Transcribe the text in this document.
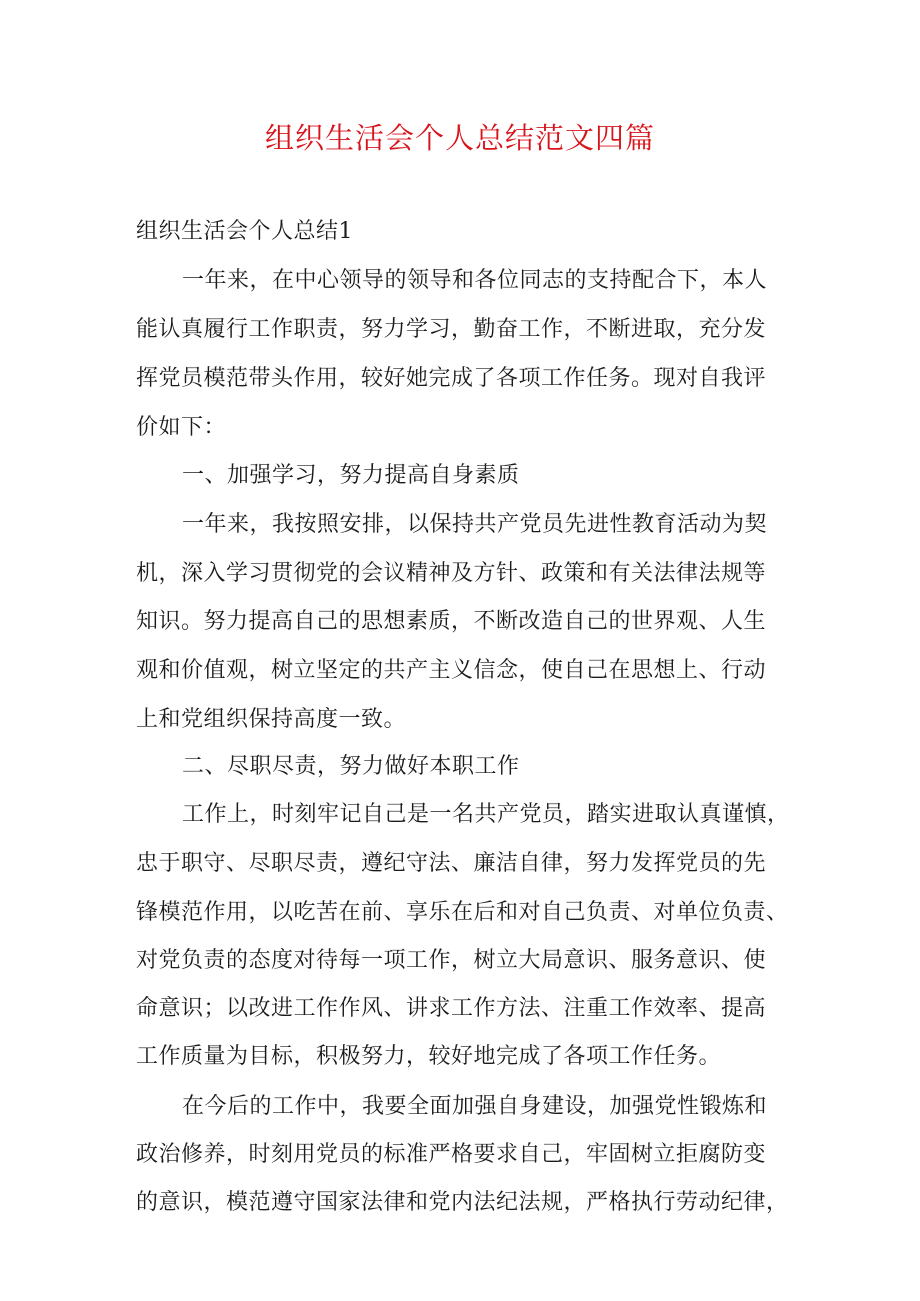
组织生活会个人总结范文四篇
组织生活会个人总结1
一年来，在中心领导的领导和各位同志的支持配合下，本人
能认真履行工作职责，努力学习，勤奋工作，不断进取，充分发
挥党员模范带头作用，较好她完成了各项工作任务。现对自我评
价如下：
一、加强学习，努力提高自身素质
一年来，我按照安排，以保持共产党员先进性教育活动为契
机，深入学习贯彻党的会议精神及方针、政策和有关法律法规等
知识。努力提高自己的思想素质，不断改造自己的世界观、人生
观和价值观，树立坚定的共产主义信念，使自己在思想上、行动
上和党组织保持高度一致。
二、尽职尽责，努力做好本职工作
工作上，时刻牢记自己是一名共产党员，踏实进取认真谨慎，
忠于职守、尽职尽责，遵纪守法、廉洁自律，努力发挥党员的先
锋模范作用，以吃苦在前、享乐在后和对自己负责、对单位负责、
对党负责的态度对待每一项工作，树立大局意识、服务意识、使
命意识；以改进工作作风、讲求工作方法、注重工作效率、提高
工作质量为目标，积极努力，较好地完成了各项工作任务。
在今后的工作中，我要全面加强自身建设，加强党性锻炼和
政治修养，时刻用党员的标准严格要求自己，牢固树立拒腐防变
的意识，模范遵守国家法律和党内法纪法规，严格执行劳动纪律，
